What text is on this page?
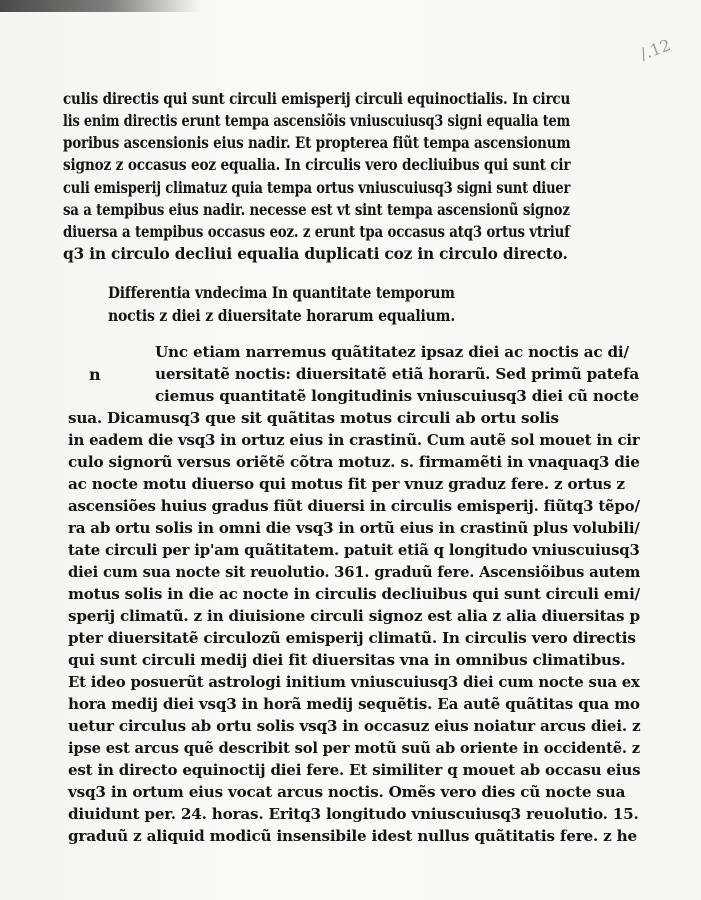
/.12
culis directis qui sunt circuli emisperij circuli equinoctialis. In circu
lis enim directis erunt tempa ascensiõis vniuscuiusq3 signi equalia tem
poribus ascensionis eius nadir. Et propterea fiũt tempa ascensionum
signoz z occasus eoz equalia. In circulis vero decliuibus qui sunt cir
culi emisperij climatuz quia tempa ortus vniuscuiusq3 signi sunt diuer
sa a tempibus eius nadir. necesse est vt sint tempa ascensionũ signoz
diuersa a tempibus occasus eoz. z erunt tpa occasus atq3 ortus vtriuf
q3 in circulo decliui equalia duplicati coz in circulo directo.
Differentia vndecima In quantitate temporum
noctis z diei z diuersitate horarum equalium.
n
Unc etiam narremus quãtitatez ipsaz diei ac noctis ac di/
uersitatẽ noctis: diuersitatẽ etiã horarũ. Sed primũ patefa
ciemus quantitatẽ longitudinis vniuscuiusq3 diei cũ nocte
sua. Dicamusq3 que sit quãtitas motus circuli ab ortu solis
in eadem die vsq3 in ortuz eius in crastinũ. Cum autẽ sol mouet in cir
culo signorũ versus oriẽtẽ cõtra motuz. s. firmamẽti in vnaquaq3 die
ac nocte motu diuerso qui motus fit per vnuz graduz fere. z ortus z
ascensiões huius gradus fiũt diuersi in circulis emisperij. fiũtq3 tẽpo/
ra ab ortu solis in omni die vsq3 in ortũ eius in crastinũ plus volubili/
tate circuli per ip'am quãtitatem. patuit etiã q longitudo vniuscuiusq3
diei cum sua nocte sit reuolutio. 361. graduũ fere. Ascensiõibus autem
motus solis in die ac nocte in circulis decliuibus qui sunt circuli emi/
sperij climatũ. z in diuisione circuli signoz est alia z alia diuersitas p
pter diuersitatẽ circulozũ emisperij climatũ. In circulis vero directis
qui sunt circuli medij diei fit diuersitas vna in omnibus climatibus.
Et ideo posuerũt astrologi initium vniuscuiusq3 diei cum nocte sua ex
hora medij diei vsq3 in horã medij sequẽtis. Ea autẽ quãtitas qua mo
uetur circulus ab ortu solis vsq3 in occasuz eius noiatur arcus diei. z
ipse est arcus quẽ describit sol per motũ suũ ab oriente in occidentẽ. z
est in directo equinoctij diei fere. Et similiter q mouet ab occasu eius
vsq3 in ortum eius vocat arcus noctis. Omẽs vero dies cũ nocte sua
diuidunt per. 24. horas. Eritq3 longitudo vniuscuiusq3 reuolutio. 15.
graduũ z aliquid modicũ insensibile idest nullus quãtitatis fere. z he
